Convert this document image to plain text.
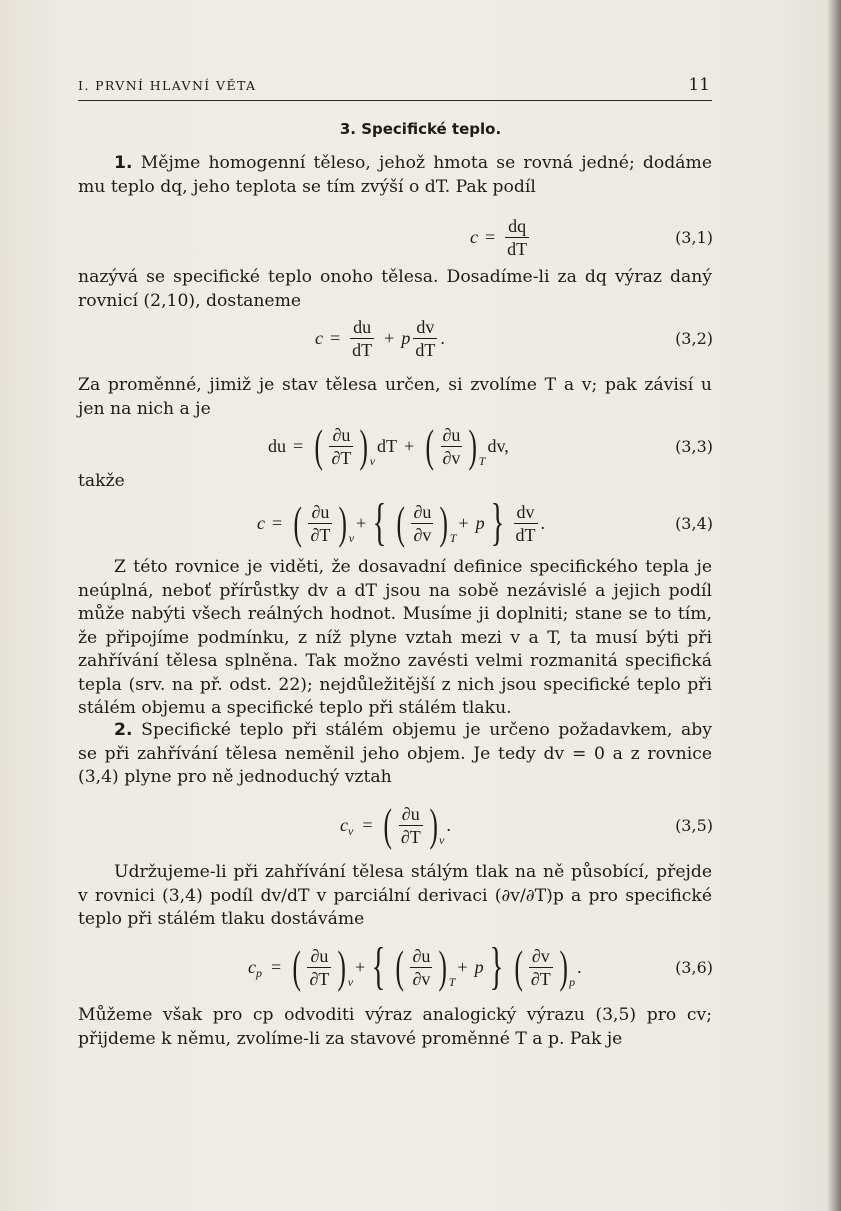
I. PRVNÍ HLAVNÍ VĚTA	11
3. Specifické teplo.
1. Mějme homogenní těleso, jehož hmota se rovná jedné; dodáme
mu teplo dq, jeho teplota se tím zvýší o dT. Pak podíl
$c = \frac{dq}{dT}$	(3,1)
nazývá se specifické teplo onoho tělesa. Dosadíme-li za dq výraz daný
rovnicí (2,10), dostaneme
$c = \frac{du}{dT} + p \frac{dv}{dT}$ .	(3,2)
Za proměnné, jimiž je stav tělesa určen, si zvolíme T a v; pak závisí u
jen na nich a je
du = ( $\frac{\partial u}{\partial T}$ ) v
dT + ( $\frac{\partial u}{\partial v}$ ) T
dv,	(3,3)
takže
c = ( $\frac{\partial u}{\partial T}$ ) v
+ { ( $\frac{\partial u}{\partial v}$ ) T
+ p } $\frac{dv}{dT}$ .	(3,4)
Z této rovnice je viděti, že dosavadní definice specifického tepla je
neúplná, neboť přírůstky dv a dT jsou na sobě nezávislé a jejich podíl
může nabýti všech reálných hodnot. Musíme ji doplniti; stane se to tím,
že připojíme podmínku, z níž plyne vztah mezi v a T, ta musí býti při
zahřívání tělesa splněna. Tak možno zavésti velmi rozmanitá specifická
tepla (srv. na př. odst. 22); nejdůležitější z nich jsou specifické teplo při
stálém objemu a specifické teplo při stálém tlaku.
2. Specifické teplo při stálém objemu je určeno požadavkem, aby
se při zahřívání tělesa neměnil jeho objem. Je tedy dv = 0 a z rovnice
(3,4) plyne pro ně jednoduchý vztah
c v = ( $\frac{\partial u}{\partial T}$ ) v
.	(3,5)
Udržujeme-li při zahřívání tělesa stálým tlak na ně působící, přejde
v rovnici (3,4) podíl dv/dT v parciální derivaci (∂v/∂T)p a pro specifické
teplo při stálém tlaku dostáváme
c p = ( $\frac{\partial u}{\partial T}$ ) v
+ { ( $\frac{\partial u}{\partial v}$ ) T
+ p } ( $\frac{\partial v}{\partial T}$ ) p
.	(3,6)
Můžeme však pro cp odvoditi výraz analogický výrazu (3,5) pro cv;
přijdeme k němu, zvolíme-li za stavové proměnné T a p. Pak je
